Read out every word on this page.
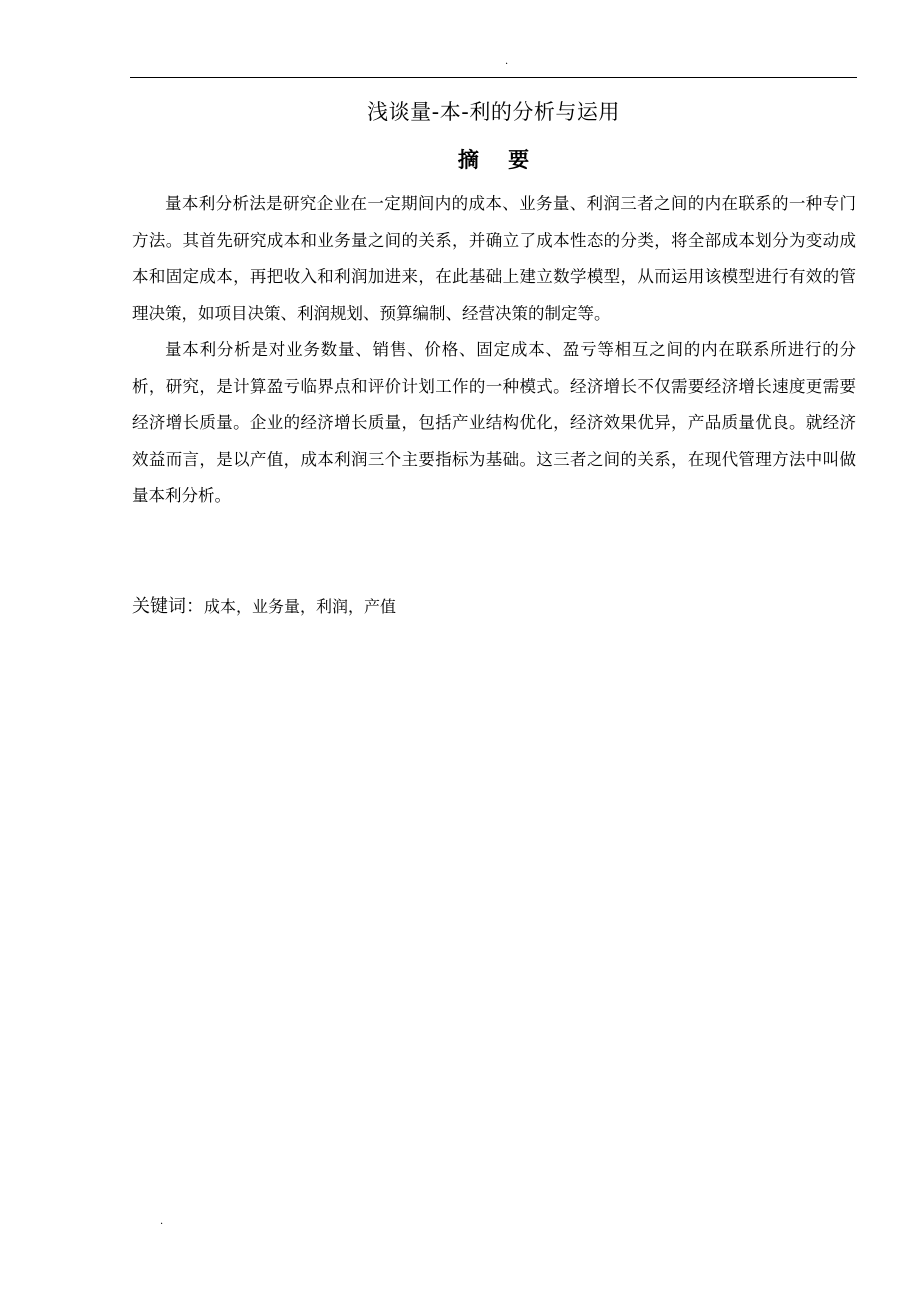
.
浅谈量-本-利的分析与运用
摘 要

量本利分析法是研究企业在一定期间内的成本、业务量、利润三者之间的内在联系的一种专门方法。其首先研究成本和业务量之间的关系，并确立了成本性态的分类，将全部成本划分为变动成本和固定成本，再把收入和利润加进来，在此基础上建立数学模型，从而运用该模型进行有效的管理决策，如项目决策、利润规划、预算编制、经营决策的制定等。

量本利分析是对业务数量、销售、价格、固定成本、盈亏等相互之间的内在联系所进行的分析，研究，是计算盈亏临界点和评价计划工作的一种模式。经济增长不仅需要经济增长速度更需要经济增长质量。企业的经济增长质量，包括产业结构优化，经济效果优异，产品质量优良。就经济效益而言，是以产值，成本利润三个主要指标为基础。这三者之间的关系，在现代管理方法中叫做量本利分析。

关键词：成本，业务量，利润，产值
.
